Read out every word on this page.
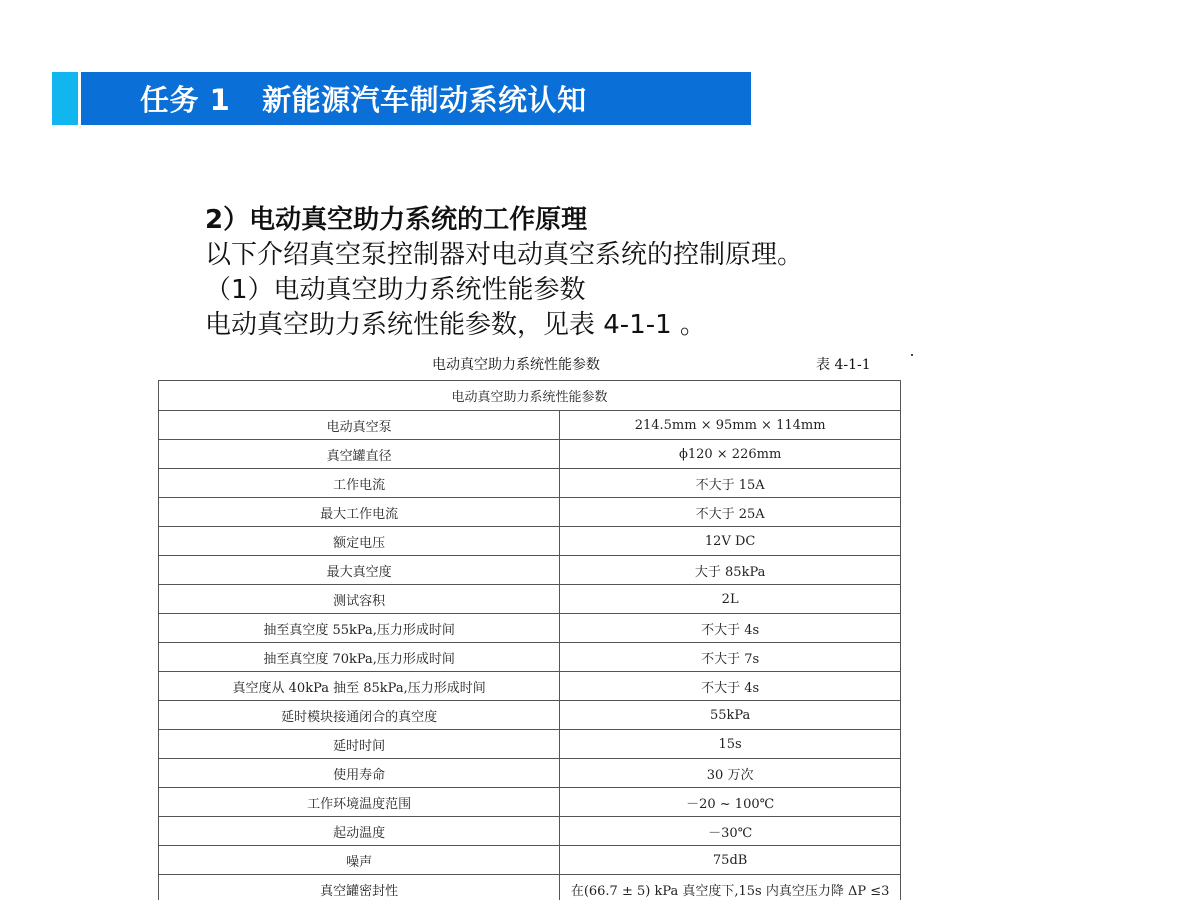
任务 1   新能源汽车制动系统认知
2）电动真空助力系统的工作原理
以下介绍真空泵控制器对电动真空系统的控制原理。
（1）电动真空助力系统性能参数
电动真空助力系统性能参数，见表 4-1-1 。
电动真空助力系统性能参数	表 4-1-1
电动真空助力系统性能参数	
电动真空泵	214.5mm × 95mm × 114mm
真空罐直径	ϕ120 × 226mm
工作电流	不大于 15A
最大工作电流	不大于 25A
额定电压	12V DC
最大真空度	大于 85kPa
测试容积	2L
抽至真空度 55kPa,压力形成时间	不大于 4s
抽至真空度 70kPa,压力形成时间	不大于 7s
真空度从 40kPa 抽至 85kPa,压力形成时间	不大于 4s
延时模块接通闭合的真空度	55kPa
延时时间	15s
使用寿命	30 万次
工作环境温度范围	－20 ~ 100℃
起动温度	－30℃
噪声	75dB
真空罐密封性	在(66.7 ± 5) kPa 真空度下,15s 内真空压力降 ΔP ≤3
